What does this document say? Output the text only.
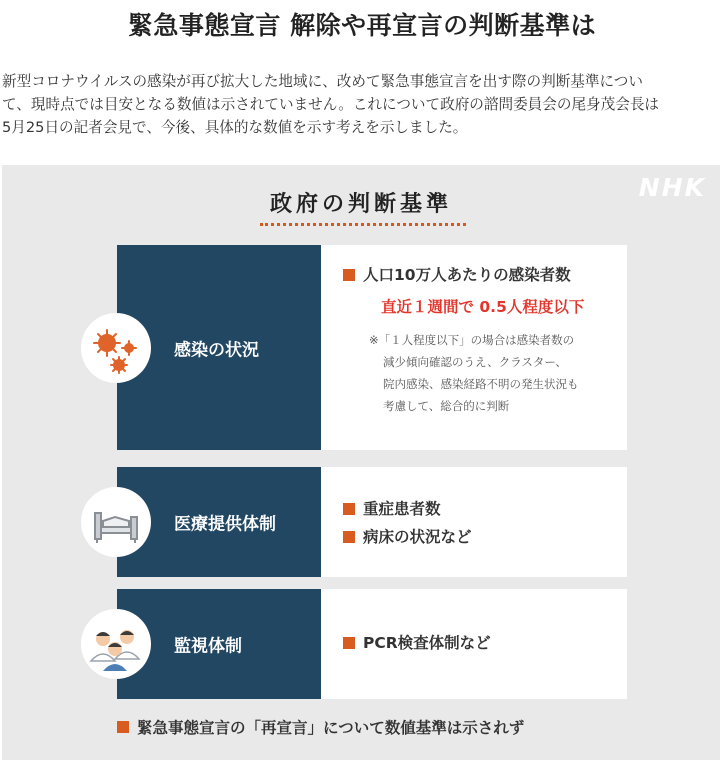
緊急事態宣言 解除や再宣言の判断基準は
新型コロナウイルスの感染が再び拡大した地域に、改めて緊急事態宣言を出す際の判断基準につい
て、現時点では目安となる数値は示されていません。これについて政府の諮問委員会の尾身茂会長は
5月25日の記者会見で、今後、具体的な数値を示す考えを示しました。
NHK
政府の判断基準
感染の状況
人口10万人あたりの感染者数
直近１週間で 0.5人程度以下
※「１人程度以下」の場合は感染者数の
減少傾向確認のうえ、クラスター、
院内感染、感染経路不明の発生状況も
考慮して、総合的に判断
医療提供体制
重症患者数
病床の状況など
監視体制	PCR検査体制など
緊急事態宣言の「再宣言」について数値基準は示されず
